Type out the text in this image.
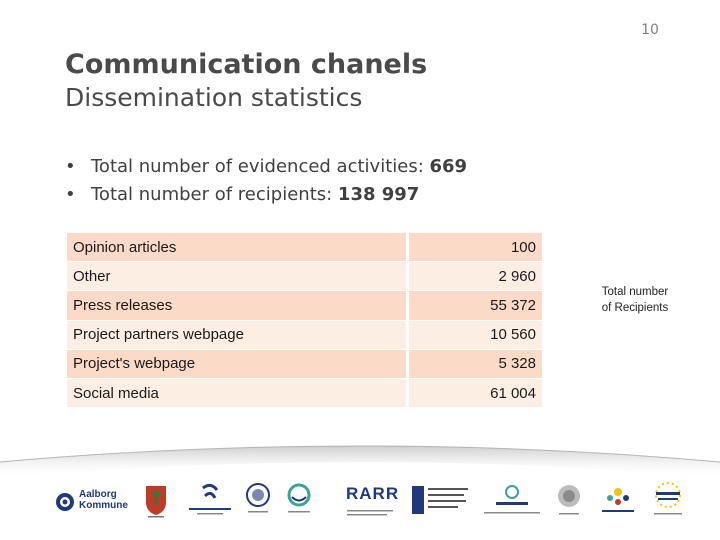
10
Communication chanels
Dissemination statistics
• Total number of evidenced activities: 669
• Total number of recipients: 138 997
Opinion articles	100
Other	2 960
Press releases	55 372
Project partners webpage	10 560
Project's webpage	5 328
Social media	61 004
Total number
of Recipients
Aalborg
Kommune
RARR
